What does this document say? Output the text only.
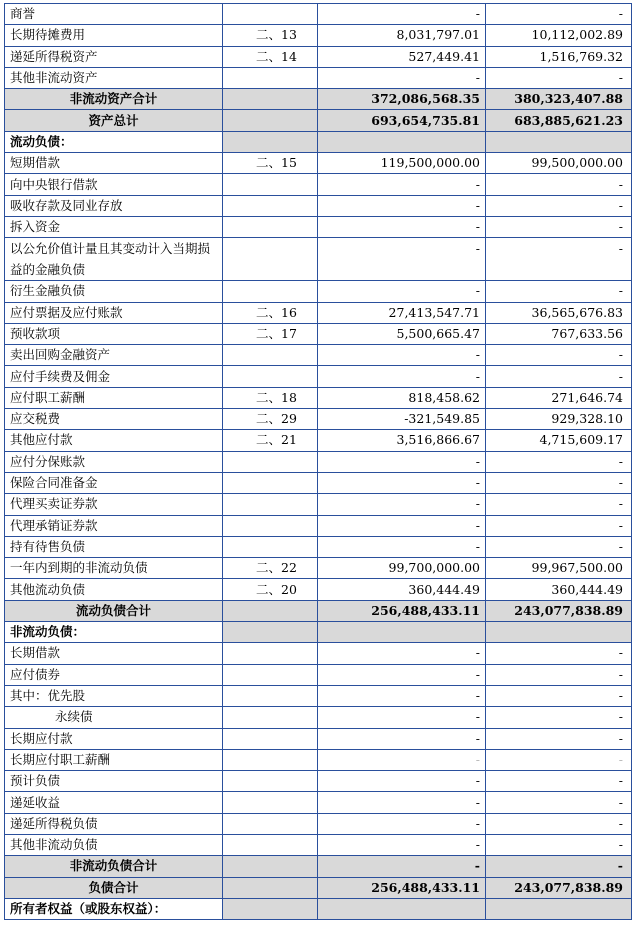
商誉		-	-
长期待摊费用	二、13	8,031,797.01	10,112,002.89
递延所得税资产	二、14	527,449.41	1,516,769.32
其他非流动资产		-	-
非流动资产合计		372,086,568.35	380,323,407.88
资产总计		693,654,735.81	683,885,621.23
流动负债：			
短期借款	二、15	119,500,000.00	99,500,000.00
向中央银行借款		-	-
吸收存款及同业存放		-	-
拆入资金		-	-
以公允价值计量且其变动计入当期损益的金融负债		-	-
衍生金融负债		-	-
应付票据及应付账款	二、16	27,413,547.71	36,565,676.83
预收款项	二、17	5,500,665.47	767,633.56
卖出回购金融资产		-	-
应付手续费及佣金		-	-
应付职工薪酬	二、18	818,458.62	271,646.74
应交税费	二、29	-321,549.85	929,328.10
其他应付款	二、21	3,516,866.67	4,715,609.17
应付分保账款		-	-
保险合同准备金		-	-
代理买卖证券款		-	-
代理承销证券款		-	-
持有待售负债		-	-
一年内到期的非流动负债	二、22	99,700,000.00	99,967,500.00
其他流动负债	二、20	360,444.49	360,444.49
流动负债合计		256,488,433.11	243,077,838.89
非流动负债：			
长期借款		-	-
应付债券		-	-
其中：优先股		-	-
永续债		-	-
长期应付款		-	-
长期应付职工薪酬		-	-
预计负债		-	-
递延收益		-	-
递延所得税负债		-	-
其他非流动负债		-	-
非流动负债合计		-	-
负债合计		256,488,433.11	243,077,838.89
所有者权益（或股东权益）：			
